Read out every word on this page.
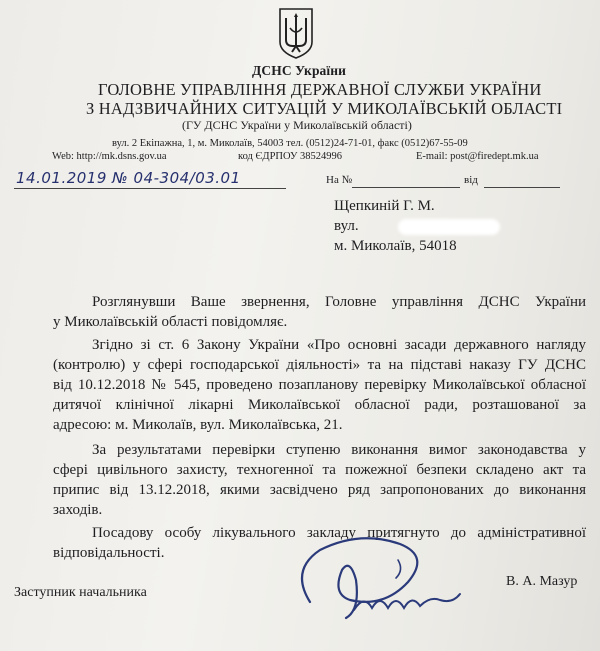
ДСНС України
ГОЛОВНЕ УПРАВЛІННЯ ДЕРЖАВНОЇ СЛУЖБИ УКРАЇНИ
З НАДЗВИЧАЙНИХ СИТУАЦІЙ У МИКОЛАЇВСЬКІЙ ОБЛАСТІ
(ГУ ДСНС України у Миколаївській області)
вул. 2 Екіпажна, 1, м. Миколаїв, 54003 тел. (0512)24-71-01, факс (0512)67-55-09
Web: http://mk.dsns.gov.ua	код ЄДРПОУ 38524996	E-mail: post@firedept.mk.ua
14.01.2019 № 04-304/03.01	На №	від
Щепкиній Г. М.
вул.
м. Миколаїв, 54018
Розглянувши Ваше звернення, Головне управління ДСНС України
у Миколаївській області повідомляє.
Згідно зі ст. 6 Закону України «Про основні засади державного нагляду
(контролю) у сфері господарської діяльності» та на підставі наказу ГУ ДСНС
від 10.12.2018 № 545, проведено позапланову перевірку Миколаївської обласної
дитячої клінічної лікарні Миколаївської обласної ради, розташованої за
адресою: м. Миколаїв, вул. Миколаївська, 21.
За результатами перевірки ступеню виконання вимог законодавства у
сфері цивільного захисту, техногенної та пожежної безпеки складено акт та
припис від 13.12.2018, якими засвідчено ряд запропонованих до виконання
заходів.
Посадову особу лікувального закладу притягнуто до адміністративної
відповідальності.
Заступник начальника
В. А. Мазур
